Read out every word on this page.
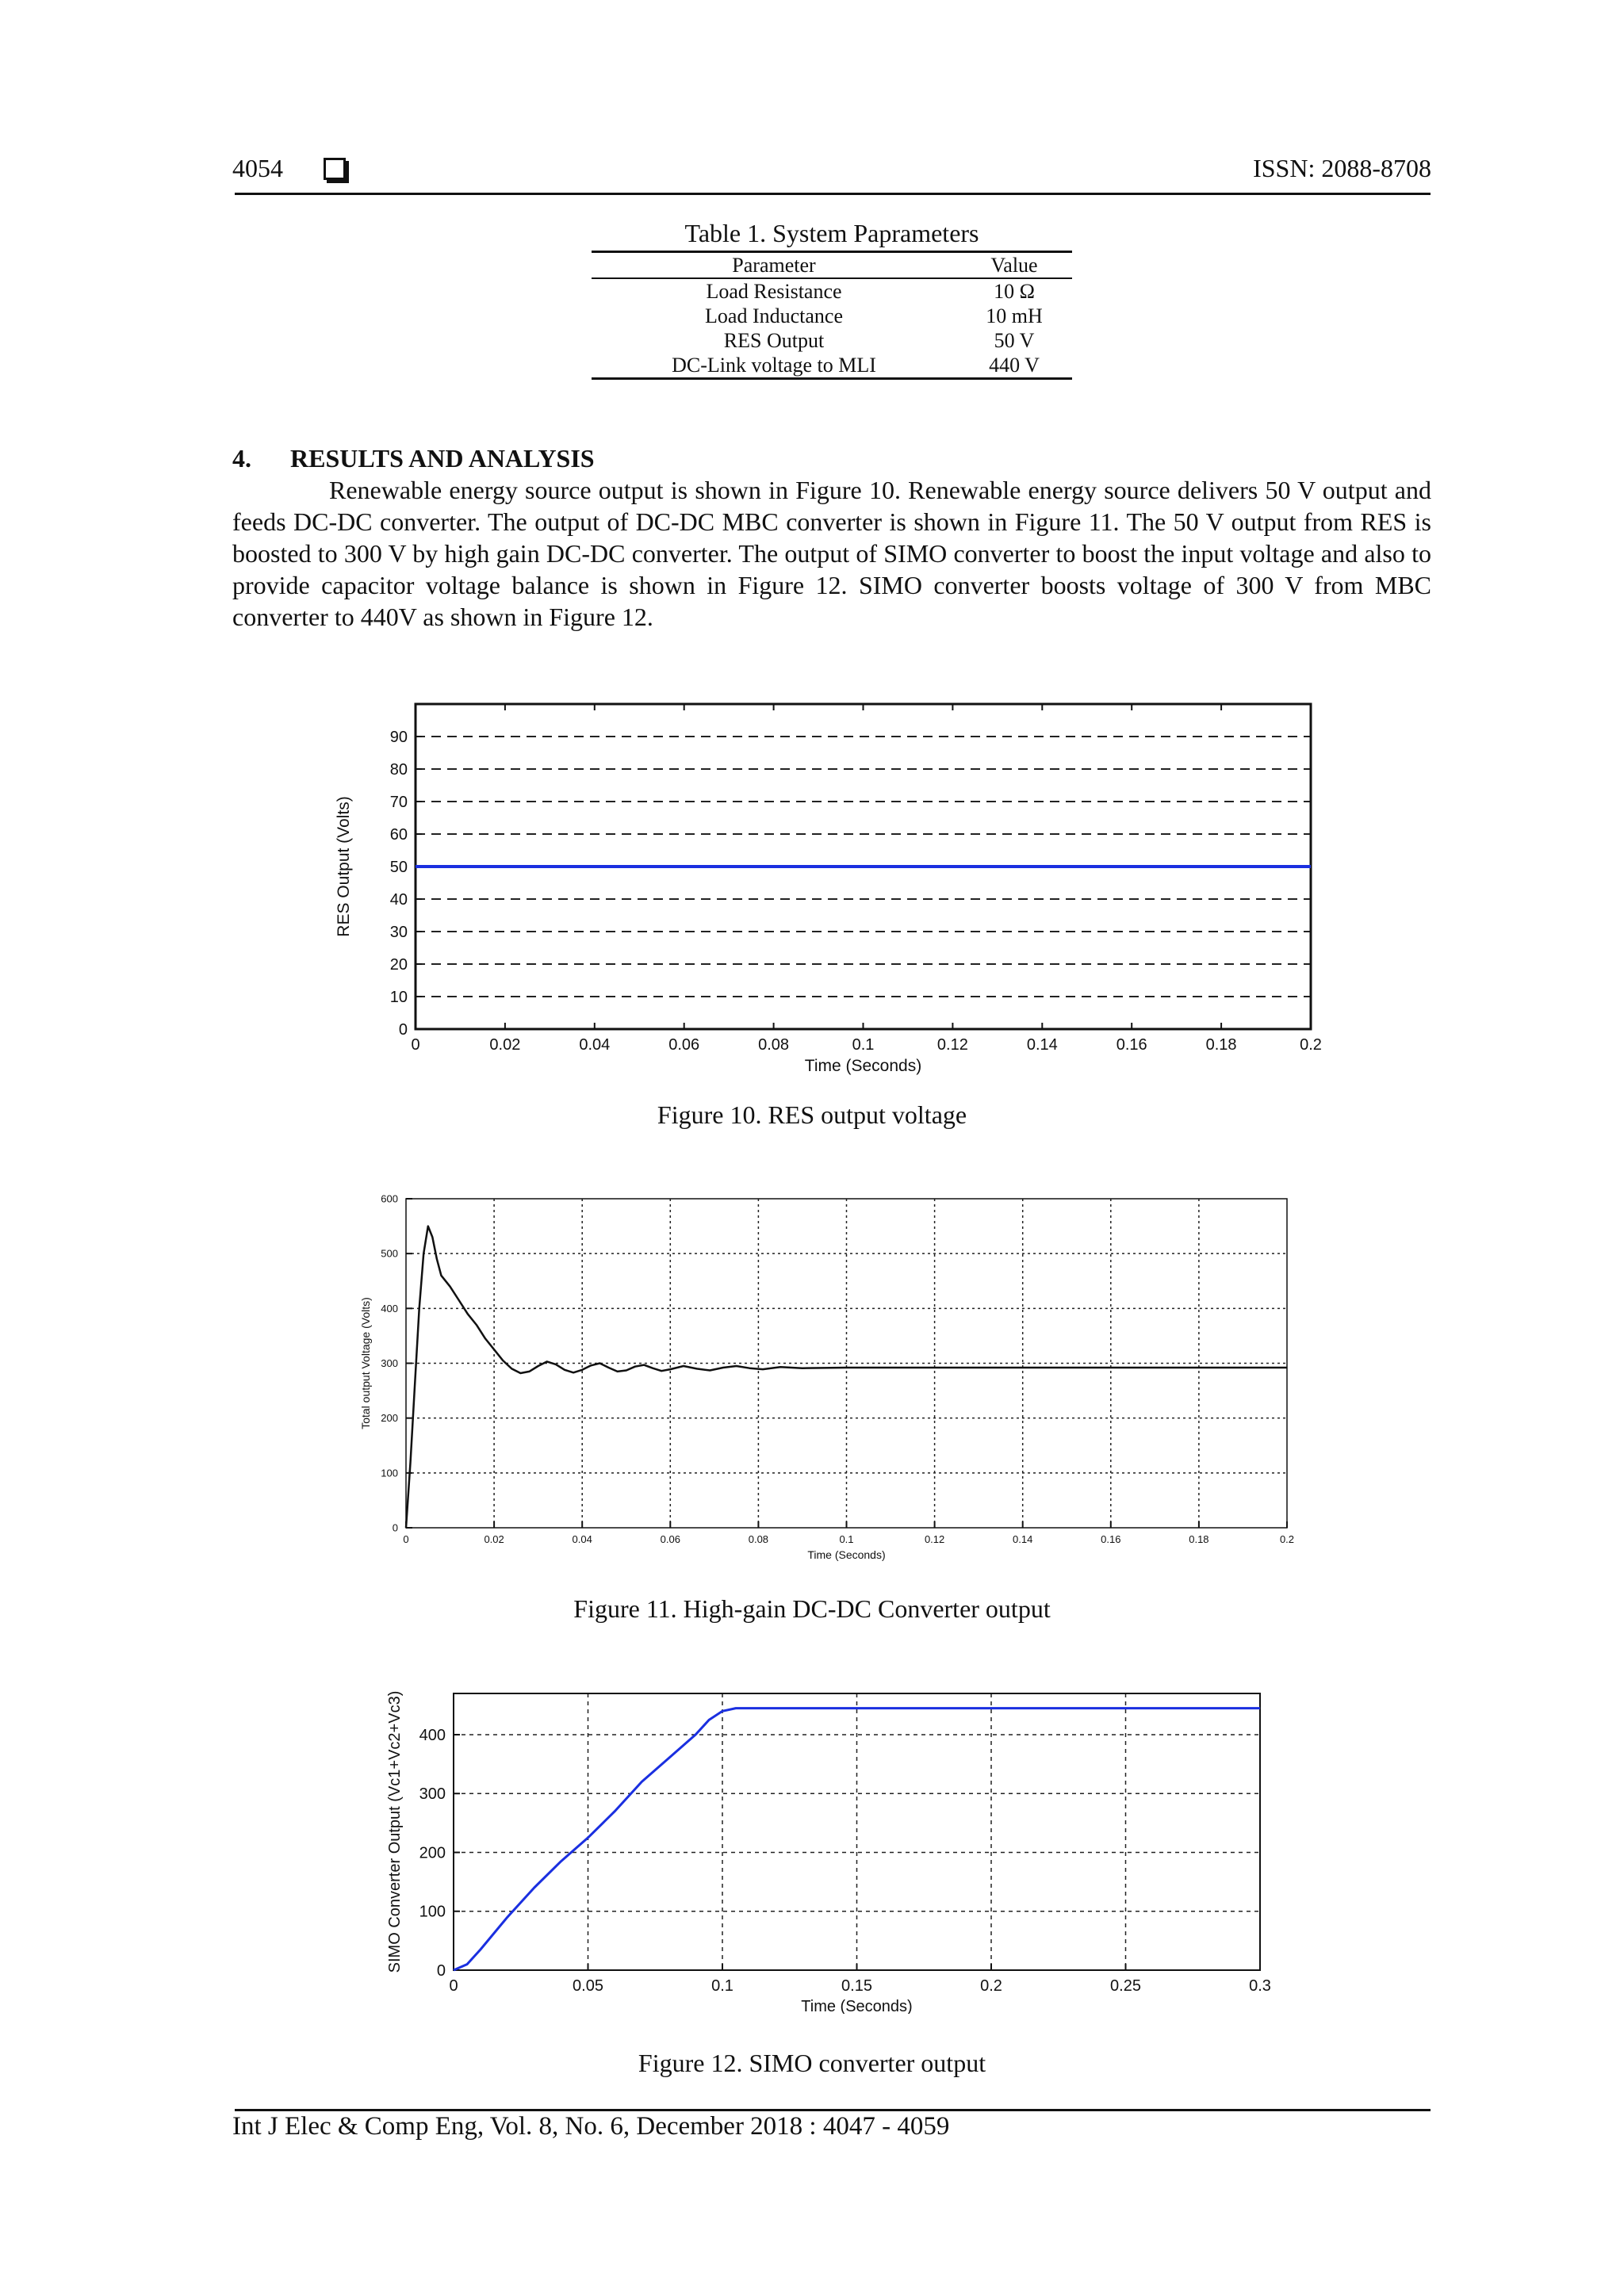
4054	ISSN: 2088-8708
Table 1. System Paprameters
Parameter	Value
Load Resistance	10 Ω
Load Inductance	10 mH
RES Output	50 V
DC-Link voltage to MLI	440 V
4. RESULTS AND ANALYSIS

Renewable energy source output is shown in Figure 10. Renewable energy source delivers 50 V output and feeds DC-DC converter. The output of DC-DC MBC converter is shown in Figure 11. The 50 V output from RES is boosted to 300 V by high gain DC-DC converter. The output of SIMO converter to boost the input voltage and also to provide capacitor voltage balance is shown in Figure 12. SIMO converter boosts voltage of 300 V from MBC converter to 440V as shown in Figure 12.

0	0.02	0.04	0.06	0.08	0.1	0.12	0.14	0.16	0.18	0.2
0
10
20
30
40
50
60
70
80
90
Time (Seconds)
RES Output (Volts)
Figure 10. RES output voltage
0	0.02	0.04	0.06	0.08	0.1	0.12	0.14	0.16	0.18	0.2
0
100
200
300
400
500
600
Time (Seconds)
Total output Voltage (Volts)
Figure 11. High-gain DC-DC Converter output
0	0.05	0.1	0.15	0.2	0.25	0.3
0
100
200
300
400
Time (Seconds)
SIMO Converter Output (Vc1+Vc2+Vc3)
Figure 12. SIMO converter output
Int J Elec & Comp Eng, Vol. 8, No. 6, December 2018 : 4047 - 4059
